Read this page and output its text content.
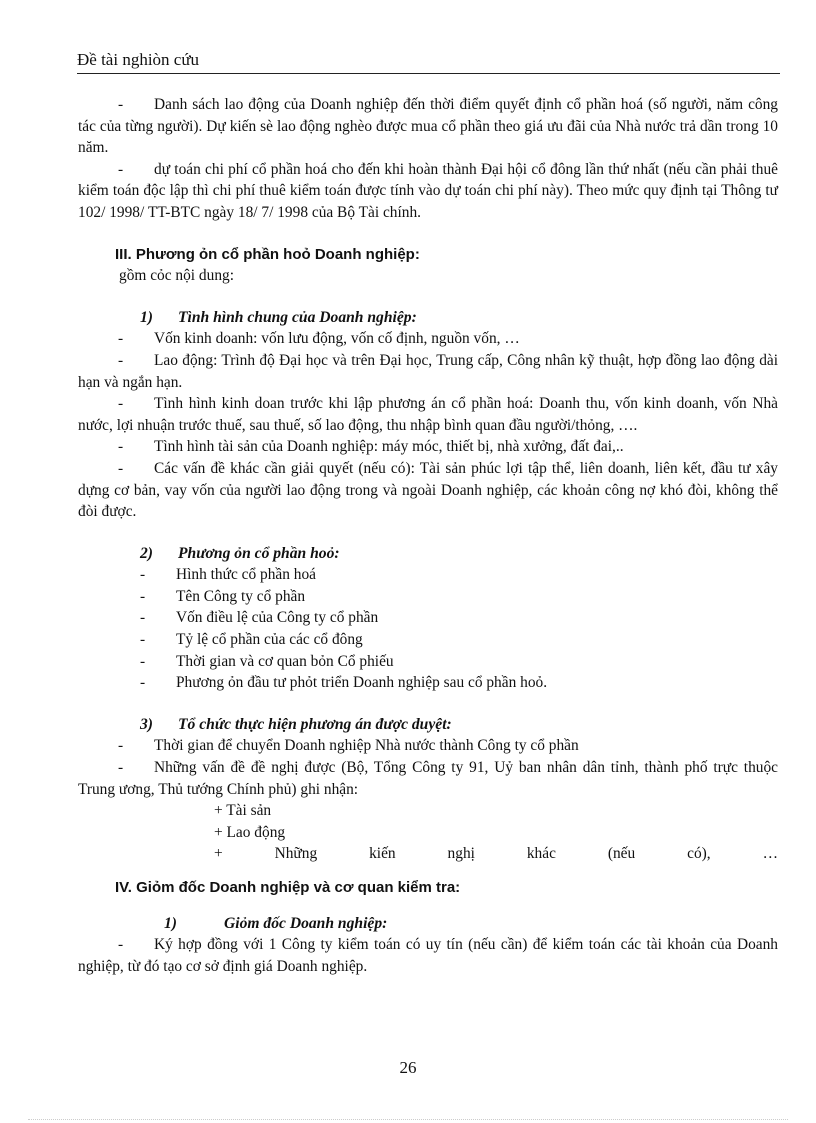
Đề tài nghiòn cứu

- Danh sách lao động của Doanh nghiệp đến thời điểm quyết định cổ phần hoá (số người, năm công tác của từng người). Dự kiến sè lao động nghèo được mua cổ phần theo giá ưu đãi của Nhà nước trả dần trong 10 năm.

- dự toán chi phí cổ phần hoá cho đến khi hoàn thành Đại hội cổ đông lần thứ nhất (nếu cần phải thuê kiểm toán độc lập thì chi phí thuê kiểm toán được tính vào dự toán chi phí này). Theo mức quy định tại Thông tư 102/ 1998/ TT-BTC ngày 18/ 7/ 1998 của Bộ Tài chính.

III. Phương ỏn cổ phần hoỏ Doanh nghiệp:

gồm cỏc nội dung:

1) Tình hình chung của Doanh nghiệp:

- Vốn kinh doanh: vốn lưu động, vốn cố định, nguồn vốn, …

- Lao động: Trình độ Đại học và trên Đại học, Trung cấp, Công nhân kỹ thuật, hợp đồng lao động dài hạn và ngắn hạn.

- Tình hình kinh doan trước khi lập phương án cổ phần hoá: Doanh thu, vốn kinh doanh, vốn Nhà nước, lợi nhuận trước thuế, sau thuế, số lao động, thu nhập bình quan đầu người/thỏng, ….

- Tình hình tài sản của Doanh nghiệp: máy móc, thiết bị, nhà xưởng, đất đai,..

- Các vấn đề khác cần giải quyết (nếu có): Tài sản phúc lợi tập thể, liên doanh, liên kết, đầu tư xây dựng cơ bản, vay vốn của người lao động trong và ngoài Doanh nghiệp, các khoản công nợ khó đòi, không thể đòi được.

2) Phương ỏn cổ phần hoỏ:

-	Hình thức cổ phần hoá

-	Tên Công ty cổ phần

-	Vốn điều lệ của Công ty cổ phần

-	Tỷ lệ cổ phần của các cổ đông

-	Thời gian và cơ quan bỏn Cổ phiếu

-	Phương ỏn đầu tư phỏt triển Doanh nghiệp sau cổ phần hoỏ.

3) Tổ chức thực hiện phương án được duyệt:

- Thời gian để chuyển Doanh nghiệp Nhà nước thành Công ty cổ phần

- Những vấn đề đề nghị được (Bộ, Tổng Công ty 91, Uỷ ban nhân dân tỉnh, thành phố trực thuộc Trung ương, Thủ tướng Chính phủ) ghi nhận:

+ Tài sản

+ Lao động

+	Những	kiến	nghị	khác	(nếu	có),	…

IV. Giỏm đốc Doanh nghiệp và cơ quan kiểm tra:

1)	Giỏm đốc Doanh nghiệp:

- Ký hợp đồng với 1 Công ty kiểm toán có uy tín (nếu cần) để kiểm toán các tài khoản của Doanh nghiệp, từ đó tạo cơ sở định giá Doanh nghiệp.

26
